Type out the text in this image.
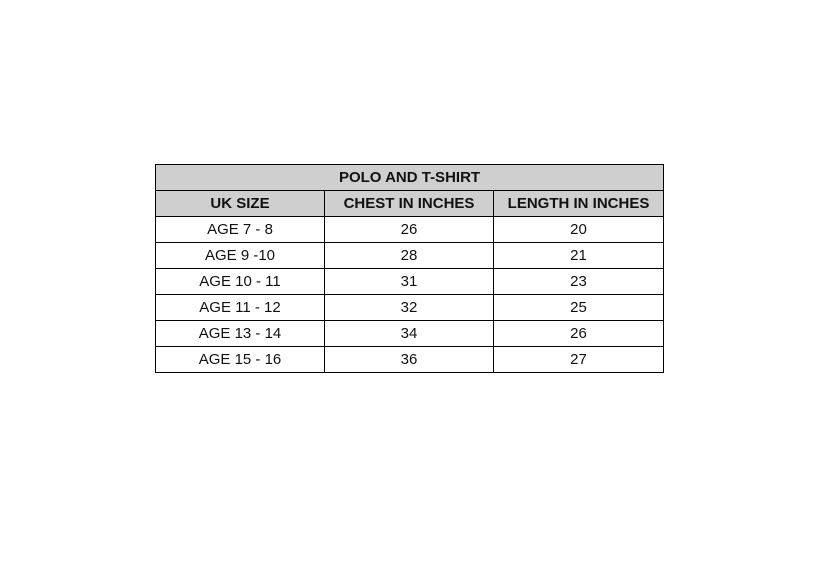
POLO AND T-SHIRT		
UK SIZE	CHEST IN INCHES	LENGTH IN INCHES
AGE 7 - 8	26	20
AGE 9 -10	28	21
AGE 10 - 11	31	23
AGE 11 - 12	32	25
AGE 13 - 14	34	26
AGE 15 - 16	36	27
